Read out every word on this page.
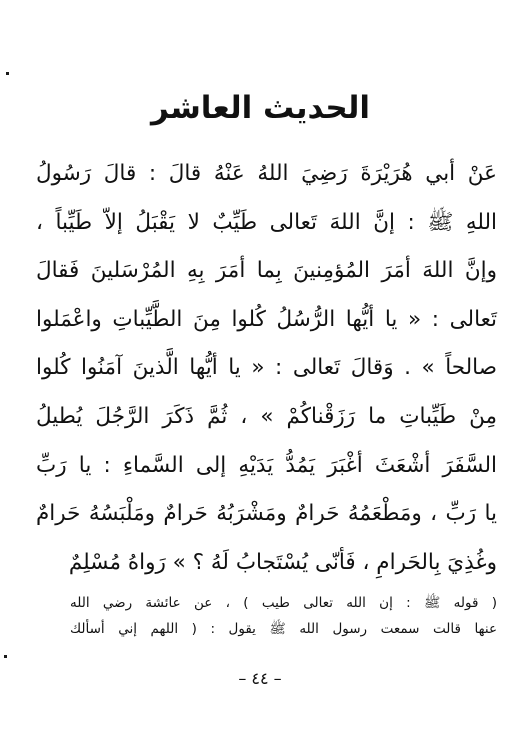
الحديث العاشر
عَنْ أبي هُرَيْرَةَ رَضِيَ اللهُ عَنْهُ قالَ : قالَ رَسُولُ
اللهِ ﷺ : إنَّ اللهَ تَعالى طَيِّبٌ لا يَقْبَلُ إلاّ طَيِّباً ،
وإنَّ اللهَ أمَرَ المُؤمِنينَ بِما أمَرَ بِهِ المُرْسَلينَ فَقالَ
تَعالى : « يا أيُّها الرُّسُلُ كُلوا مِنَ الطَّيِّباتِ واعْمَلوا
صالحاً » . وَقالَ تَعالى : « يا أيُّها الَّذينَ آمَنُوا كُلوا
مِنْ طَيِّباتِ ما رَزَقْناكُمْ » ، ثُمَّ ذَكَرَ الرَّجُلَ يُطيلُ
السَّفَرَ أشْعَثَ أغْبَرَ يَمُدُّ يَدَيْهِ إلى السَّماءِ : يا رَبِّ
يا رَبِّ ، ومَطْعَمُهُ حَرامٌ ومَشْرَبُهُ حَرامٌ ومَلْبَسُهُ حَرامٌ
وغُذِيَ بِالحَرامِ ، فَأنّى يُسْتَجابُ لَهُ ؟ » رَواهُ مُسْلِمٌ
( قوله ﷺ : إن الله تعالى طيب ) ، عن عائشة رضي الله
عنها قالت سمعت رسول الله ﷺ يقول : ( اللهم إني أسألك
– ٤٤ –
